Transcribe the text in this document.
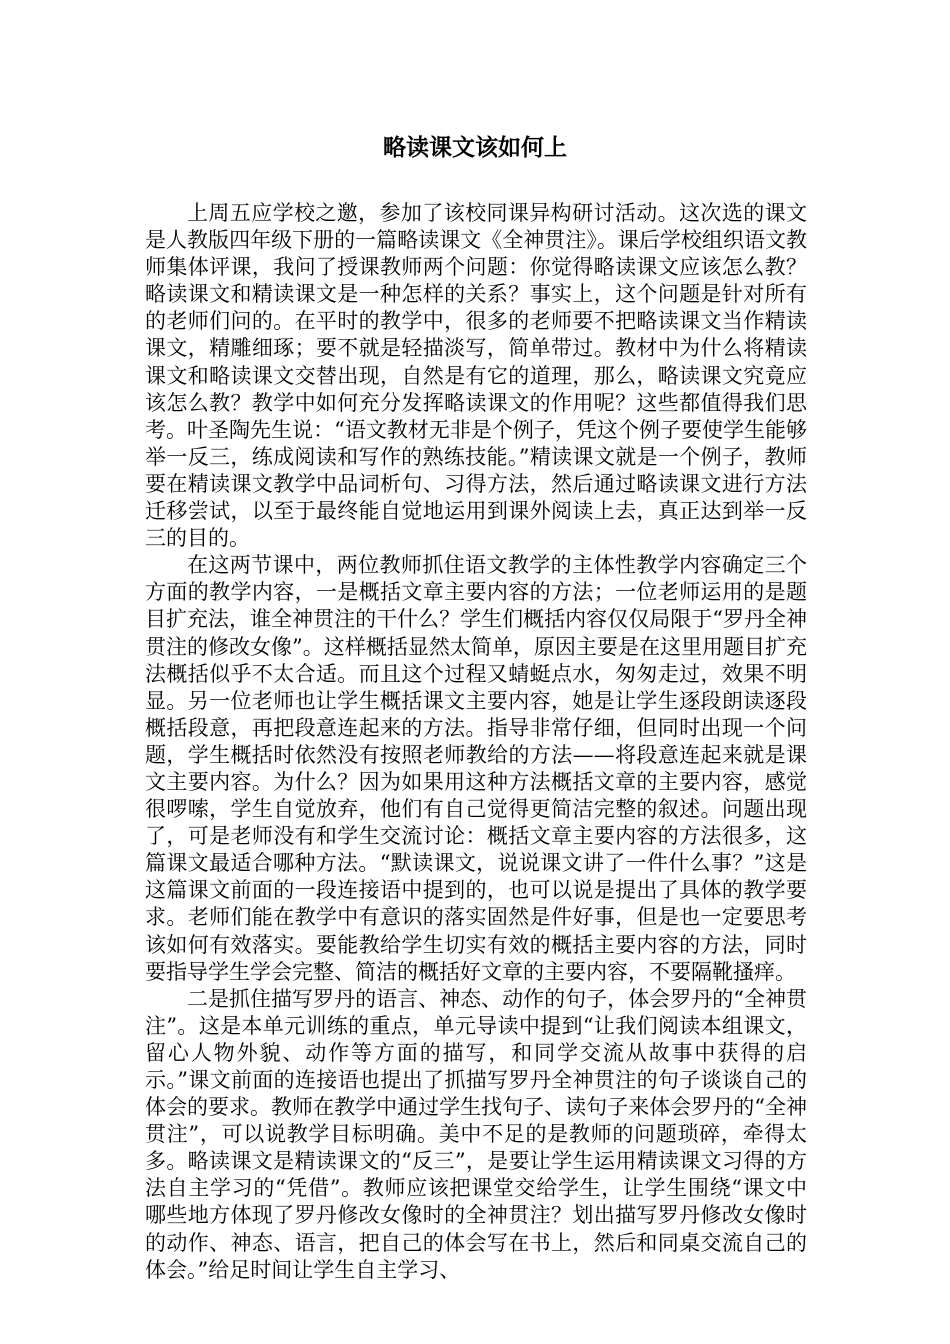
略读课文该如何上

上周五应学校之邀，参加了该校同课异构研讨活动。这次选的课文是人教版四年级下册的一篇略读课文《全神贯注》。课后学校组织语文教师集体评课，我问了授课教师两个问题：你觉得略读课文应该怎么教？略读课文和精读课文是一种怎样的关系？事实上，这个问题是针对所有的老师们问的。在平时的教学中，很多的老师要不把略读课文当作精读课文，精雕细琢；要不就是轻描淡写，简单带过。教材中为什么将精读课文和略读课文交替出现，自然是有它的道理，那么，略读课文究竟应该怎么教？教学中如何充分发挥略读课文的作用呢？这些都值得我们思考。叶圣陶先生说：“语文教材无非是个例子，凭这个例子要使学生能够举一反三，练成阅读和写作的熟练技能。”精读课文就是一个例子，教师要在精读课文教学中品词析句、习得方法，然后通过略读课文进行方法迁移尝试，以至于最终能自觉地运用到课外阅读上去，真正达到举一反三的目的。

在这两节课中，两位教师抓住语文教学的主体性教学内容确定三个方面的教学内容，一是概括文章主要内容的方法；一位老师运用的是题目扩充法，谁全神贯注的干什么？学生们概括内容仅仅局限于“罗丹全神贯注的修改女像”。这样概括显然太简单，原因主要是在这里用题目扩充法概括似乎不太合适。而且这个过程又蜻蜓点水，匆匆走过，效果不明显。另一位老师也让学生概括课文主要内容，她是让学生逐段朗读逐段概括段意，再把段意连起来的方法。指导非常仔细，但同时出现一个问题，学生概括时依然没有按照老师教给的方法——将段意连起来就是课文主要内容。为什么？因为如果用这种方法概括文章的主要内容，感觉很啰嗦，学生自觉放弃，他们有自己觉得更简洁完整的叙述。问题出现了，可是老师没有和学生交流讨论：概括文章主要内容的方法很多，这篇课文最适合哪种方法。“默读课文，说说课文讲了一件什么事？”这是这篇课文前面的一段连接语中提到的，也可以说是提出了具体的教学要求。老师们能在教学中有意识的落实固然是件好事，但是也一定要思考该如何有效落实。要能教给学生切实有效的概括主要内容的方法，同时要指导学生学会完整、简洁的概括好文章的主要内容，不要隔靴搔痒。

二是抓住描写罗丹的语言、神态、动作的句子，体会罗丹的“全神贯注”。这是本单元训练的重点，单元导读中提到“让我们阅读本组课文，留心人物外貌、动作等方面的描写，和同学交流从故事中获得的启示。”课文前面的连接语也提出了抓描写罗丹全神贯注的句子谈谈自己的体会的要求。教师在教学中通过学生找句子、读句子来体会罗丹的“全神贯注”，可以说教学目标明确。美中不足的是教师的问题琐碎，牵得太多。略读课文是精读课文的“反三”，是要让学生运用精读课文习得的方法自主学习的“凭借”。教师应该把课堂交给学生，让学生围绕“课文中哪些地方体现了罗丹修改女像时的全神贯注？划出描写罗丹修改女像时的动作、神态、语言，把自己的体会写在书上，然后和同桌交流自己的体会。”给足时间让学生自主学习、
